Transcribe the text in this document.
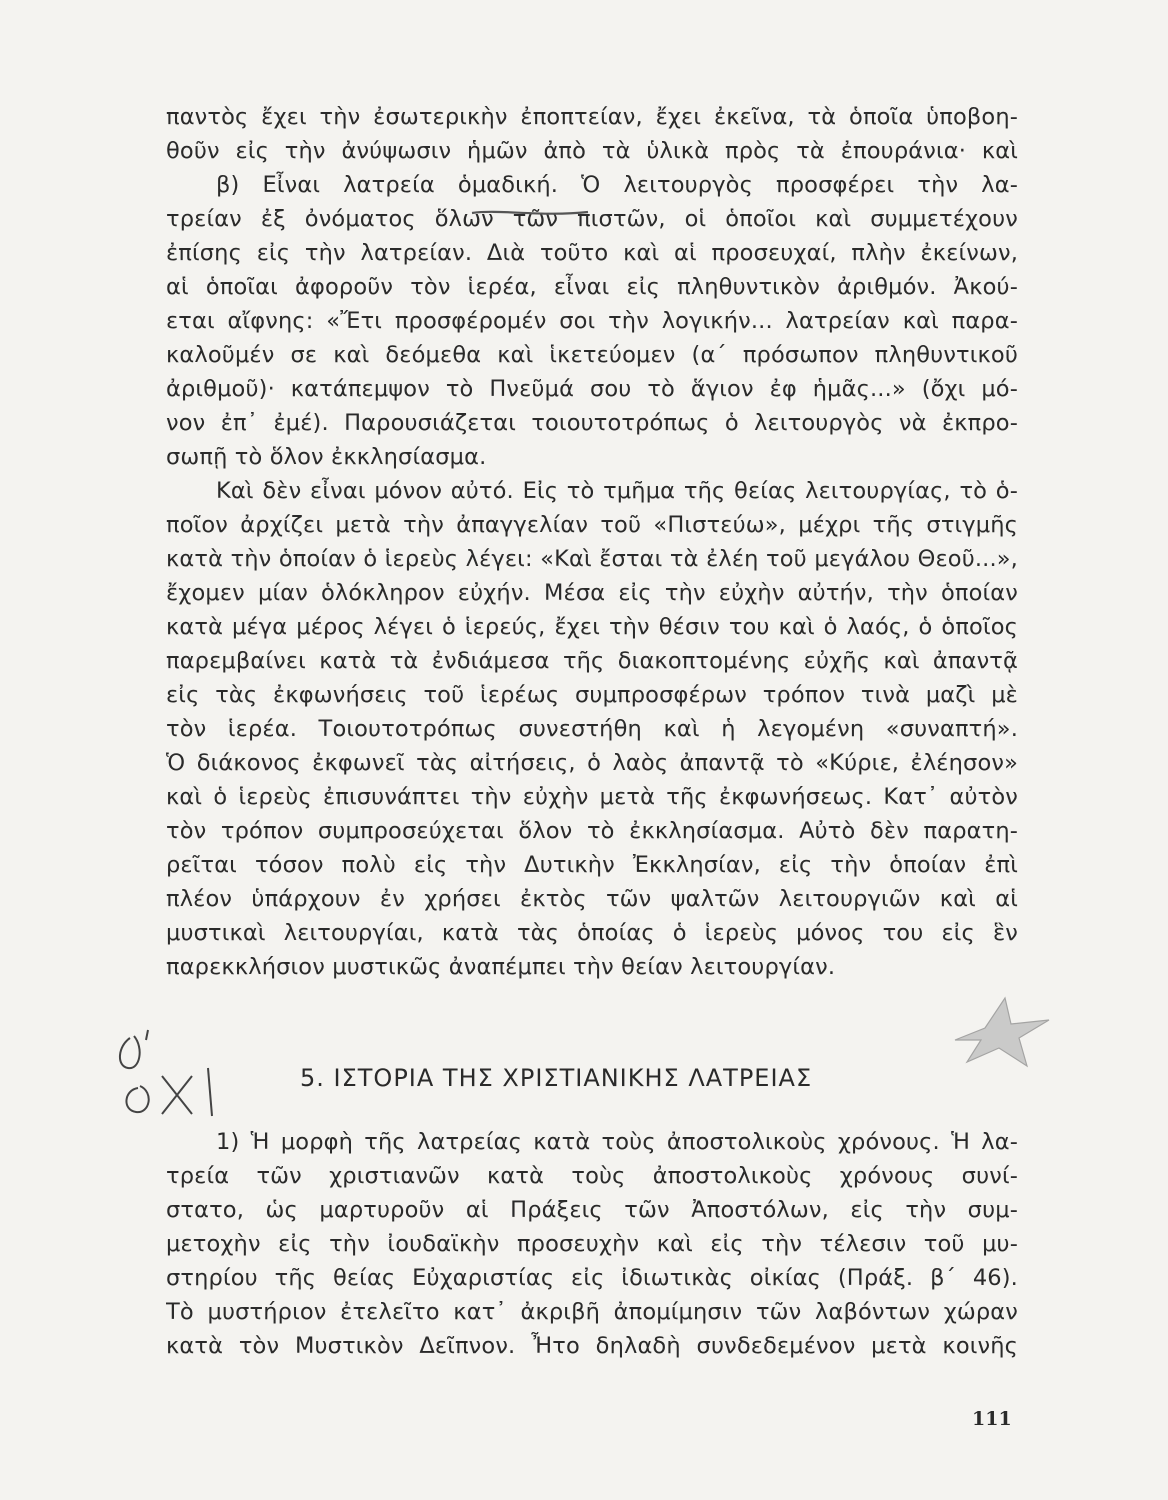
παντὸς ἔχει τὴν ἐσωτερικὴν ἐποπτείαν, ἔχει ἐκεῖνα, τὰ ὁποῖα ὑποβοη-
θοῦν εἰς τὴν ἀνύψωσιν ἡμῶν ἀπὸ τὰ ὑλικὰ πρὸς τὰ ἐπουράνια· καὶ
β) Εἶναι λατρεία ὁμαδική. Ὁ λειτουργὸς προσφέρει τὴν λα-
τρείαν ἐξ ὀνόματος ὅλων τῶν πιστῶν, οἱ ὁποῖοι καὶ συμμετέχουν
ἐπίσης εἰς τὴν λατρείαν. Διὰ τοῦτο καὶ αἱ προσευχαί, πλὴν ἐκείνων,
αἱ ὁποῖαι ἀφοροῦν τὸν ἱερέα, εἶναι εἰς πληθυντικὸν ἀριθμόν. Ἀκού-
εται αἴφνης: «Ἔτι προσφέρομέν σοι τὴν λογικήν... λατρείαν καὶ παρα-
καλοῦμέν σε καὶ δεόμεθα καὶ ἱκετεύομεν (α΄ πρόσωπον πληθυντικοῦ
ἀριθμοῦ)· κατάπεμψον τὸ Πνεῦμά σου τὸ ἅγιον ἐφ ἡμᾶς...» (ὄχι μό-
νον ἐπ᾽ ἐμέ). Παρουσιάζεται τοιουτοτρόπως ὁ λειτουργὸς νὰ ἐκπρο-
σωπῇ τὸ ὅλον ἐκκλησίασμα.
Καὶ δὲν εἶναι μόνον αὐτό. Εἰς τὸ τμῆμα τῆς θείας λειτουργίας, τὸ ὁ-
ποῖον ἀρχίζει μετὰ τὴν ἀπαγγελίαν τοῦ «Πιστεύω», μέχρι τῆς στιγμῆς
κατὰ τὴν ὁποίαν ὁ ἱερεὺς λέγει: «Καὶ ἔσται τὰ ἐλέη τοῦ μεγάλου Θεοῦ...»,
ἔχομεν μίαν ὁλόκληρον εὐχήν. Μέσα εἰς τὴν εὐχὴν αὐτήν, τὴν ὁποίαν
κατὰ μέγα μέρος λέγει ὁ ἱερεύς, ἔχει τὴν θέσιν του καὶ ὁ λαός, ὁ ὁποῖος
παρεμβαίνει κατὰ τὰ ἐνδιάμεσα τῆς διακοπτομένης εὐχῆς καὶ ἀπαντᾷ
εἰς τὰς ἐκφωνήσεις τοῦ ἱερέως συμπροσφέρων τρόπον τινὰ μαζὶ μὲ
τὸν ἱερέα. Τοιουτοτρόπως συνεστήθη καὶ ἡ λεγομένη «συναπτή».
Ὁ διάκονος ἐκφωνεῖ τὰς αἰτήσεις, ὁ λαὸς ἀπαντᾷ τὸ «Κύριε, ἐλέησον»
καὶ ὁ ἱερεὺς ἐπισυνάπτει τὴν εὐχὴν μετὰ τῆς ἐκφωνήσεως. Κατ᾽ αὐτὸν
τὸν τρόπον συμπροσεύχεται ὅλον τὸ ἐκκλησίασμα. Αὐτὸ δὲν παρατη-
ρεῖται τόσον πολὺ εἰς τὴν Δυτικὴν Ἐκκλησίαν, εἰς τὴν ὁποίαν ἐπὶ
πλέον ὑπάρχουν ἐν χρήσει ἐκτὸς τῶν ψαλτῶν λειτουργιῶν καὶ αἱ
μυστικαὶ λειτουργίαι, κατὰ τὰς ὁποίας ὁ ἱερεὺς μόνος του εἰς ἓν
παρεκκλήσιον μυστικῶς ἀναπέμπει τὴν θείαν λειτουργίαν.
5. ΙΣΤΟΡΙΑ ΤΗΣ ΧΡΙΣΤΙΑΝΙΚΗΣ ΛΑΤΡΕΙΑΣ
1) Ἡ μορφὴ τῆς λατρείας κατὰ τοὺς ἀποστολικοὺς χρόνους. Ἡ λα-
τρεία τῶν χριστιανῶν κατὰ τοὺς ἀποστολικοὺς χρόνους συνί-
στατο, ὡς μαρτυροῦν αἱ Πράξεις τῶν Ἀποστόλων, εἰς τὴν συμ-
μετοχὴν εἰς τὴν ἰουδαϊκὴν προσευχὴν καὶ εἰς τὴν τέλεσιν τοῦ μυ-
στηρίου τῆς θείας Εὐχαριστίας εἰς ἰδιωτικὰς οἰκίας (Πράξ. β΄ 46).
Τὸ μυστήριον ἐτελεῖτο κατ᾽ ἀκριβῆ ἀπομίμησιν τῶν λαβόντων χώραν
κατὰ τὸν Μυστικὸν Δεῖπνον. Ἦτο δηλαδὴ συνδεδεμένον μετὰ κοινῆς
111
